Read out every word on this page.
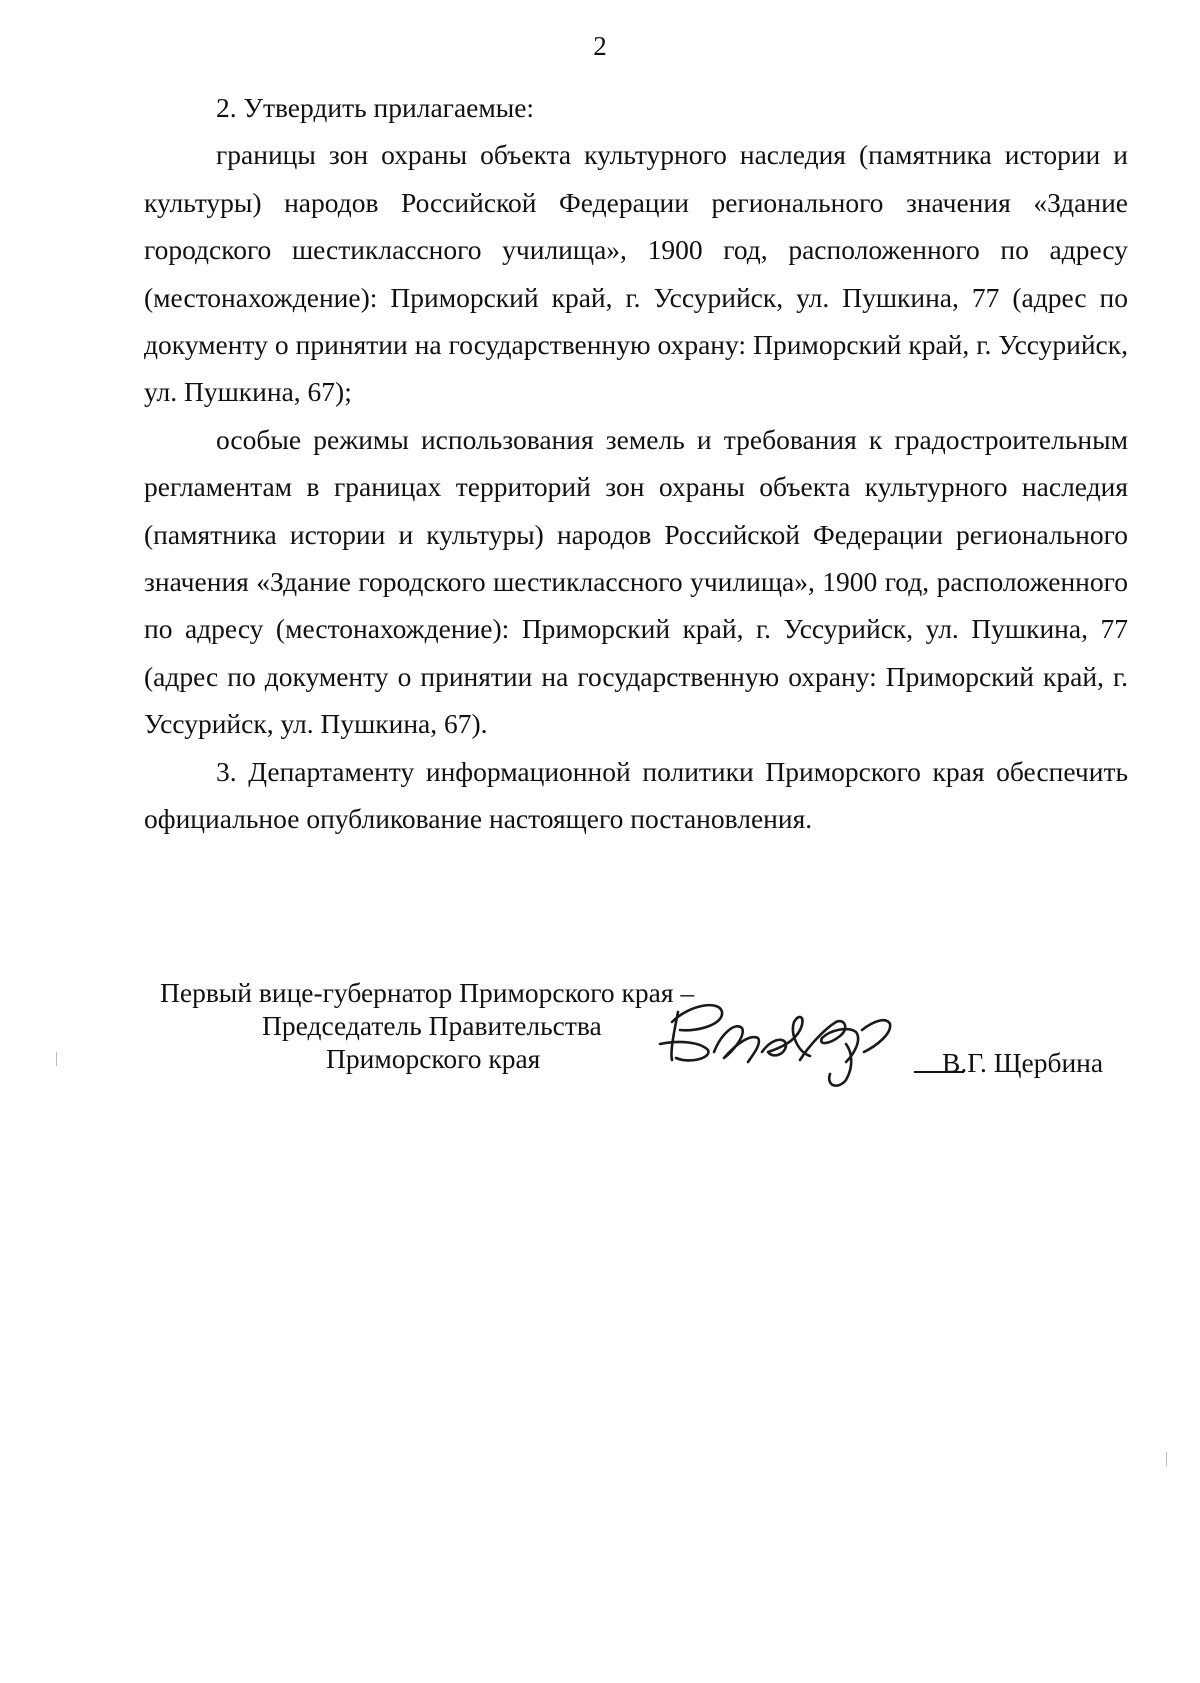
2

2. Утвердить прилагаемые:

границы зон охраны объекта культурного наследия (памятника истории и культуры) народов Российской Федерации регионального значения «Здание городского шестиклассного училища», 1900 год, расположенного по адресу (местонахождение): Приморский край, г. Уссурийск, ул. Пушкина, 77 (адрес по документу о принятии на государственную охрану: Приморский край, г. Уссурийск, ул. Пушкина, 67);

особые режимы использования земель и требования к градостроительным регламентам в границах территорий зон охраны объекта культурного наследия (памятника истории и культуры) народов Российской Федерации регионального значения «Здание городского шестиклассного училища», 1900 год, расположенного по адресу (местонахождение): Приморский край, г. Уссурийск, ул. Пушкина, 77 (адрес по документу о принятии на государственную охрану: Приморский край, г. Уссурийск, ул. Пушкина, 67).

3. Департаменту информационной политики Приморского края обеспечить официальное опубликование настоящего постановления.

Первый вице-губернатор Приморского края –
Председатель Правительства
Приморского края	В.Г. Щербина
